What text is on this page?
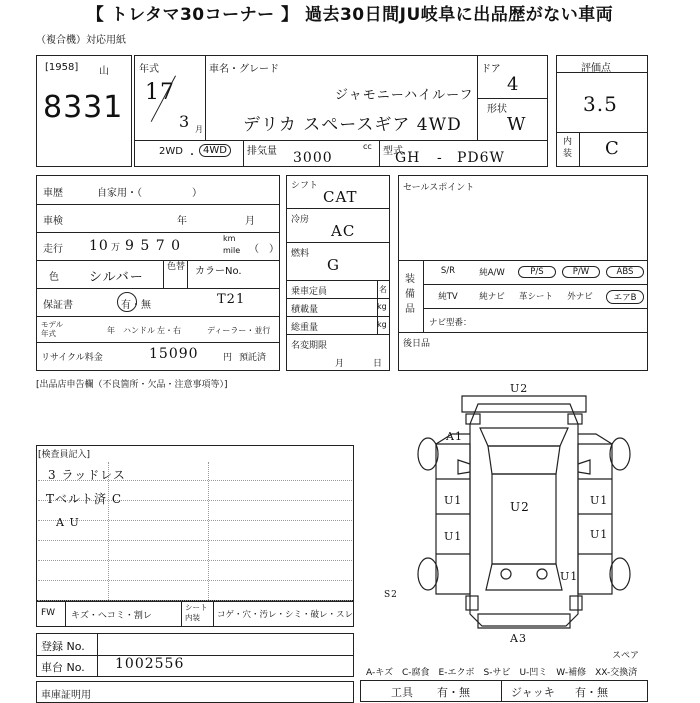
【 トレタマ30コーナー 】 過去30日間JU岐阜に出品歴がない車両
（複合機）対応用紙
[1958] 山
8331
年式
17
3 月
車名・グレード
ジャモニーハイルーフ
デリカ スペースギア 4WD
ドア
4
形状
W
2WD ・ 4WD	排気量 3000
cc 型式
GH - PD6W
評価点
3.5
内装 C
車歴	自家用・（　　　　　）
車検	年	月
走行 10 万 9 5 7 0	km
mile （　）
色 シルバー
色替 カラーNo.
保証書	有・無	T21
モデル年式	年 ハンドル 左・右	ディーラー・並行
リサイクル料金	15090	円 預託済
シフト
CAT
冷房
AC
燃料
G
乗車定員	名
積載量	kg
総重量	kg
名変期限
月	日
セールスポイント
装備品
ナビ型番：
後日品
S/R	純A/W	P/S	P/W	ABS
純TV	純ナビ	革シート	外ナビ	エアB
[出品店申告欄（不良箇所・欠品・注意事項等）]
[検査員記入]
3 ラッドレス
Tベルト済 C
A U
FW キズ・ヘコミ・割レ
シート内装	コゲ・穴・汚レ・シミ・破レ・スレ
登録 No.
車台 No. 1002556
車庫証明用
U2
U2
A1
U1
U1
U1
U1
U1
A3
S2
スペア
A-キズ　C-腐食　E-エクボ　S-サビ　U-凹ミ　W-補修　XX-交換済
工具 有・無	ジャッキ 有・無
